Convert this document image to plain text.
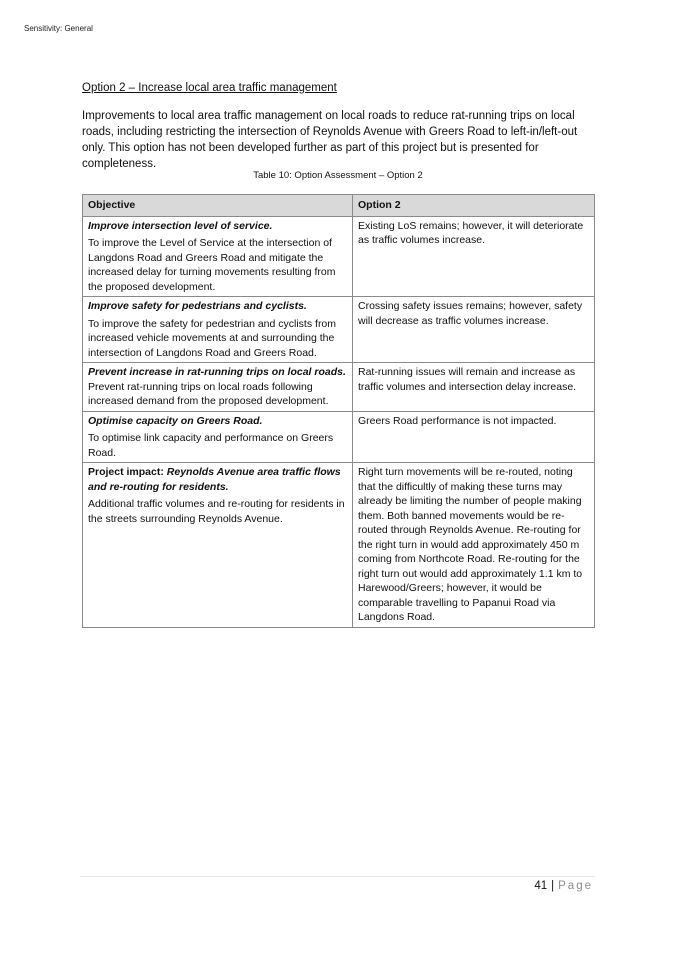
Sensitivity: General
Option 2 – Increase local area traffic management

Improvements to local area traffic management on local roads to reduce rat-running trips on local roads, including restricting the intersection of Reynolds Avenue with Greers Road to left-in/left-out only. This option has not been developed further as part of this project but is presented for completeness.

Table 10: Option Assessment – Option 2

Objective	Option 2

Improve intersection level of service.
To improve the Level of Service at the intersection of Langdons Road and Greers Road and mitigate the increased delay for turning movements resulting from the proposed development.	Existing LoS remains; however, it will deteriorate as traffic volumes increase.

Improve safety for pedestrians and cyclists.
To improve the safety for pedestrian and cyclists from increased vehicle movements at and surrounding the intersection of Langdons Road and Greers Road.	Crossing safety issues remains; however, safety will decrease as traffic volumes increase.

Prevent increase in rat-running trips on local roads.
Prevent rat-running trips on local roads following increased demand from the proposed development.	Rat-running issues will remain and increase as traffic volumes and intersection delay increase.

Optimise capacity on Greers Road.
To optimise link capacity and performance on Greers Road.	Greers Road performance is not impacted.

Project impact: Reynolds Avenue area traffic flows and re-routing for residents.
Additional traffic volumes and re-routing for residents in the streets surrounding Reynolds Avenue.	Right turn movements will be re-routed, noting that the difficultly of making these turns may already be limiting the number of people making them. Both banned movements would be re-routed through Reynolds Avenue. Re-routing for the right turn in would add approximately 450 m coming from Northcote Road. Re-routing for the right turn out would add approximately 1.1 km to Harewood/Greers; however, it would be comparable travelling to Papanui Road via Langdons Road.
41 | Page
